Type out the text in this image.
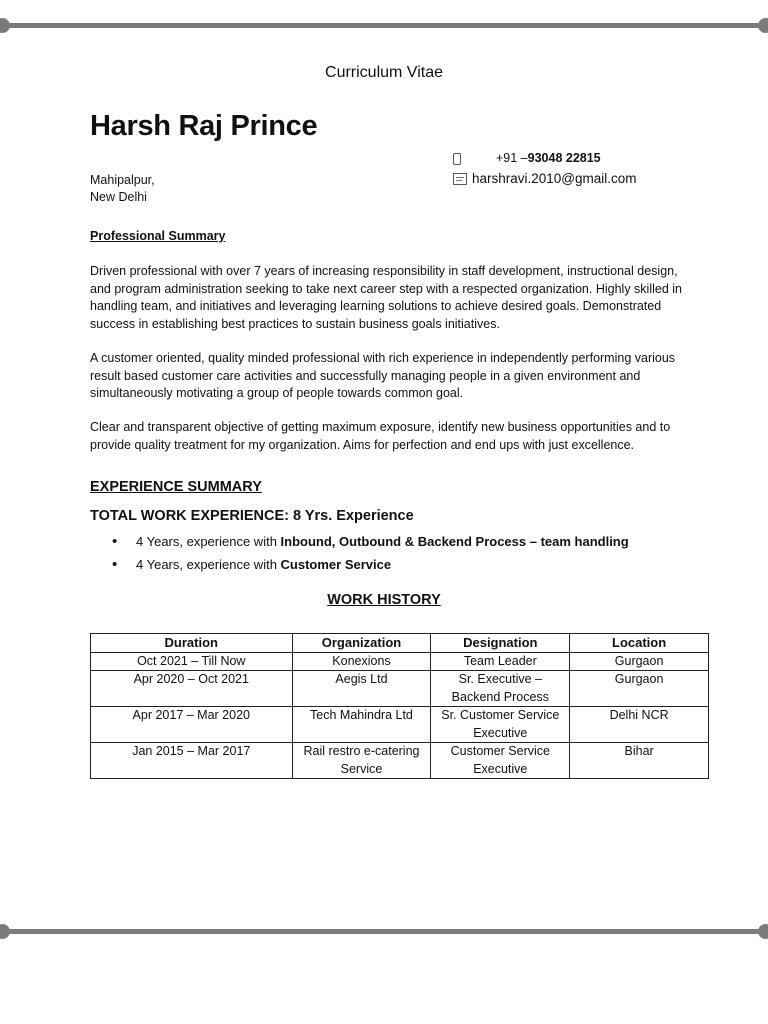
Curriculum Vitae
Harsh Raj Prince
Mahipalpur,
New Delhi
+91 –93048 22815
harshravi.2010@gmail.com
Professional Summary
Driven professional with over 7 years of increasing responsibility in staff development, instructional design, and program administration seeking to take next career step with a respected organization. Highly skilled in handling team, and initiatives and leveraging learning solutions to achieve desired goals. Demonstrated success in establishing best practices to sustain business goals initiatives.
A customer oriented, quality minded professional with rich experience in independently performing various result based customer care activities and successfully managing people in a given environment and simultaneously motivating a group of people towards common goal.
Clear and transparent objective of getting maximum exposure, identify new business opportunities and to provide quality treatment for my organization. Aims for perfection and end ups with just excellence.
EXPERIENCE SUMMARY
TOTAL WORK EXPERIENCE: 8 Yrs. Experience
• 4 Years, experience with Inbound, Outbound & Backend Process – team handling
• 4 Years, experience with Customer Service
WORK HISTORY
Duration	Organization	Designation	Location
Oct 2021 – Till Now	Konexions	Team Leader	Gurgaon
Apr 2020 – Oct 2021	Aegis Ltd	Sr. Executive – Backend Process	Gurgaon
Apr 2017 – Mar 2020	Tech Mahindra Ltd	Sr. Customer Service Executive	Delhi NCR
Jan 2015 – Mar 2017	Rail restro e-catering Service	Customer Service Executive	Bihar
